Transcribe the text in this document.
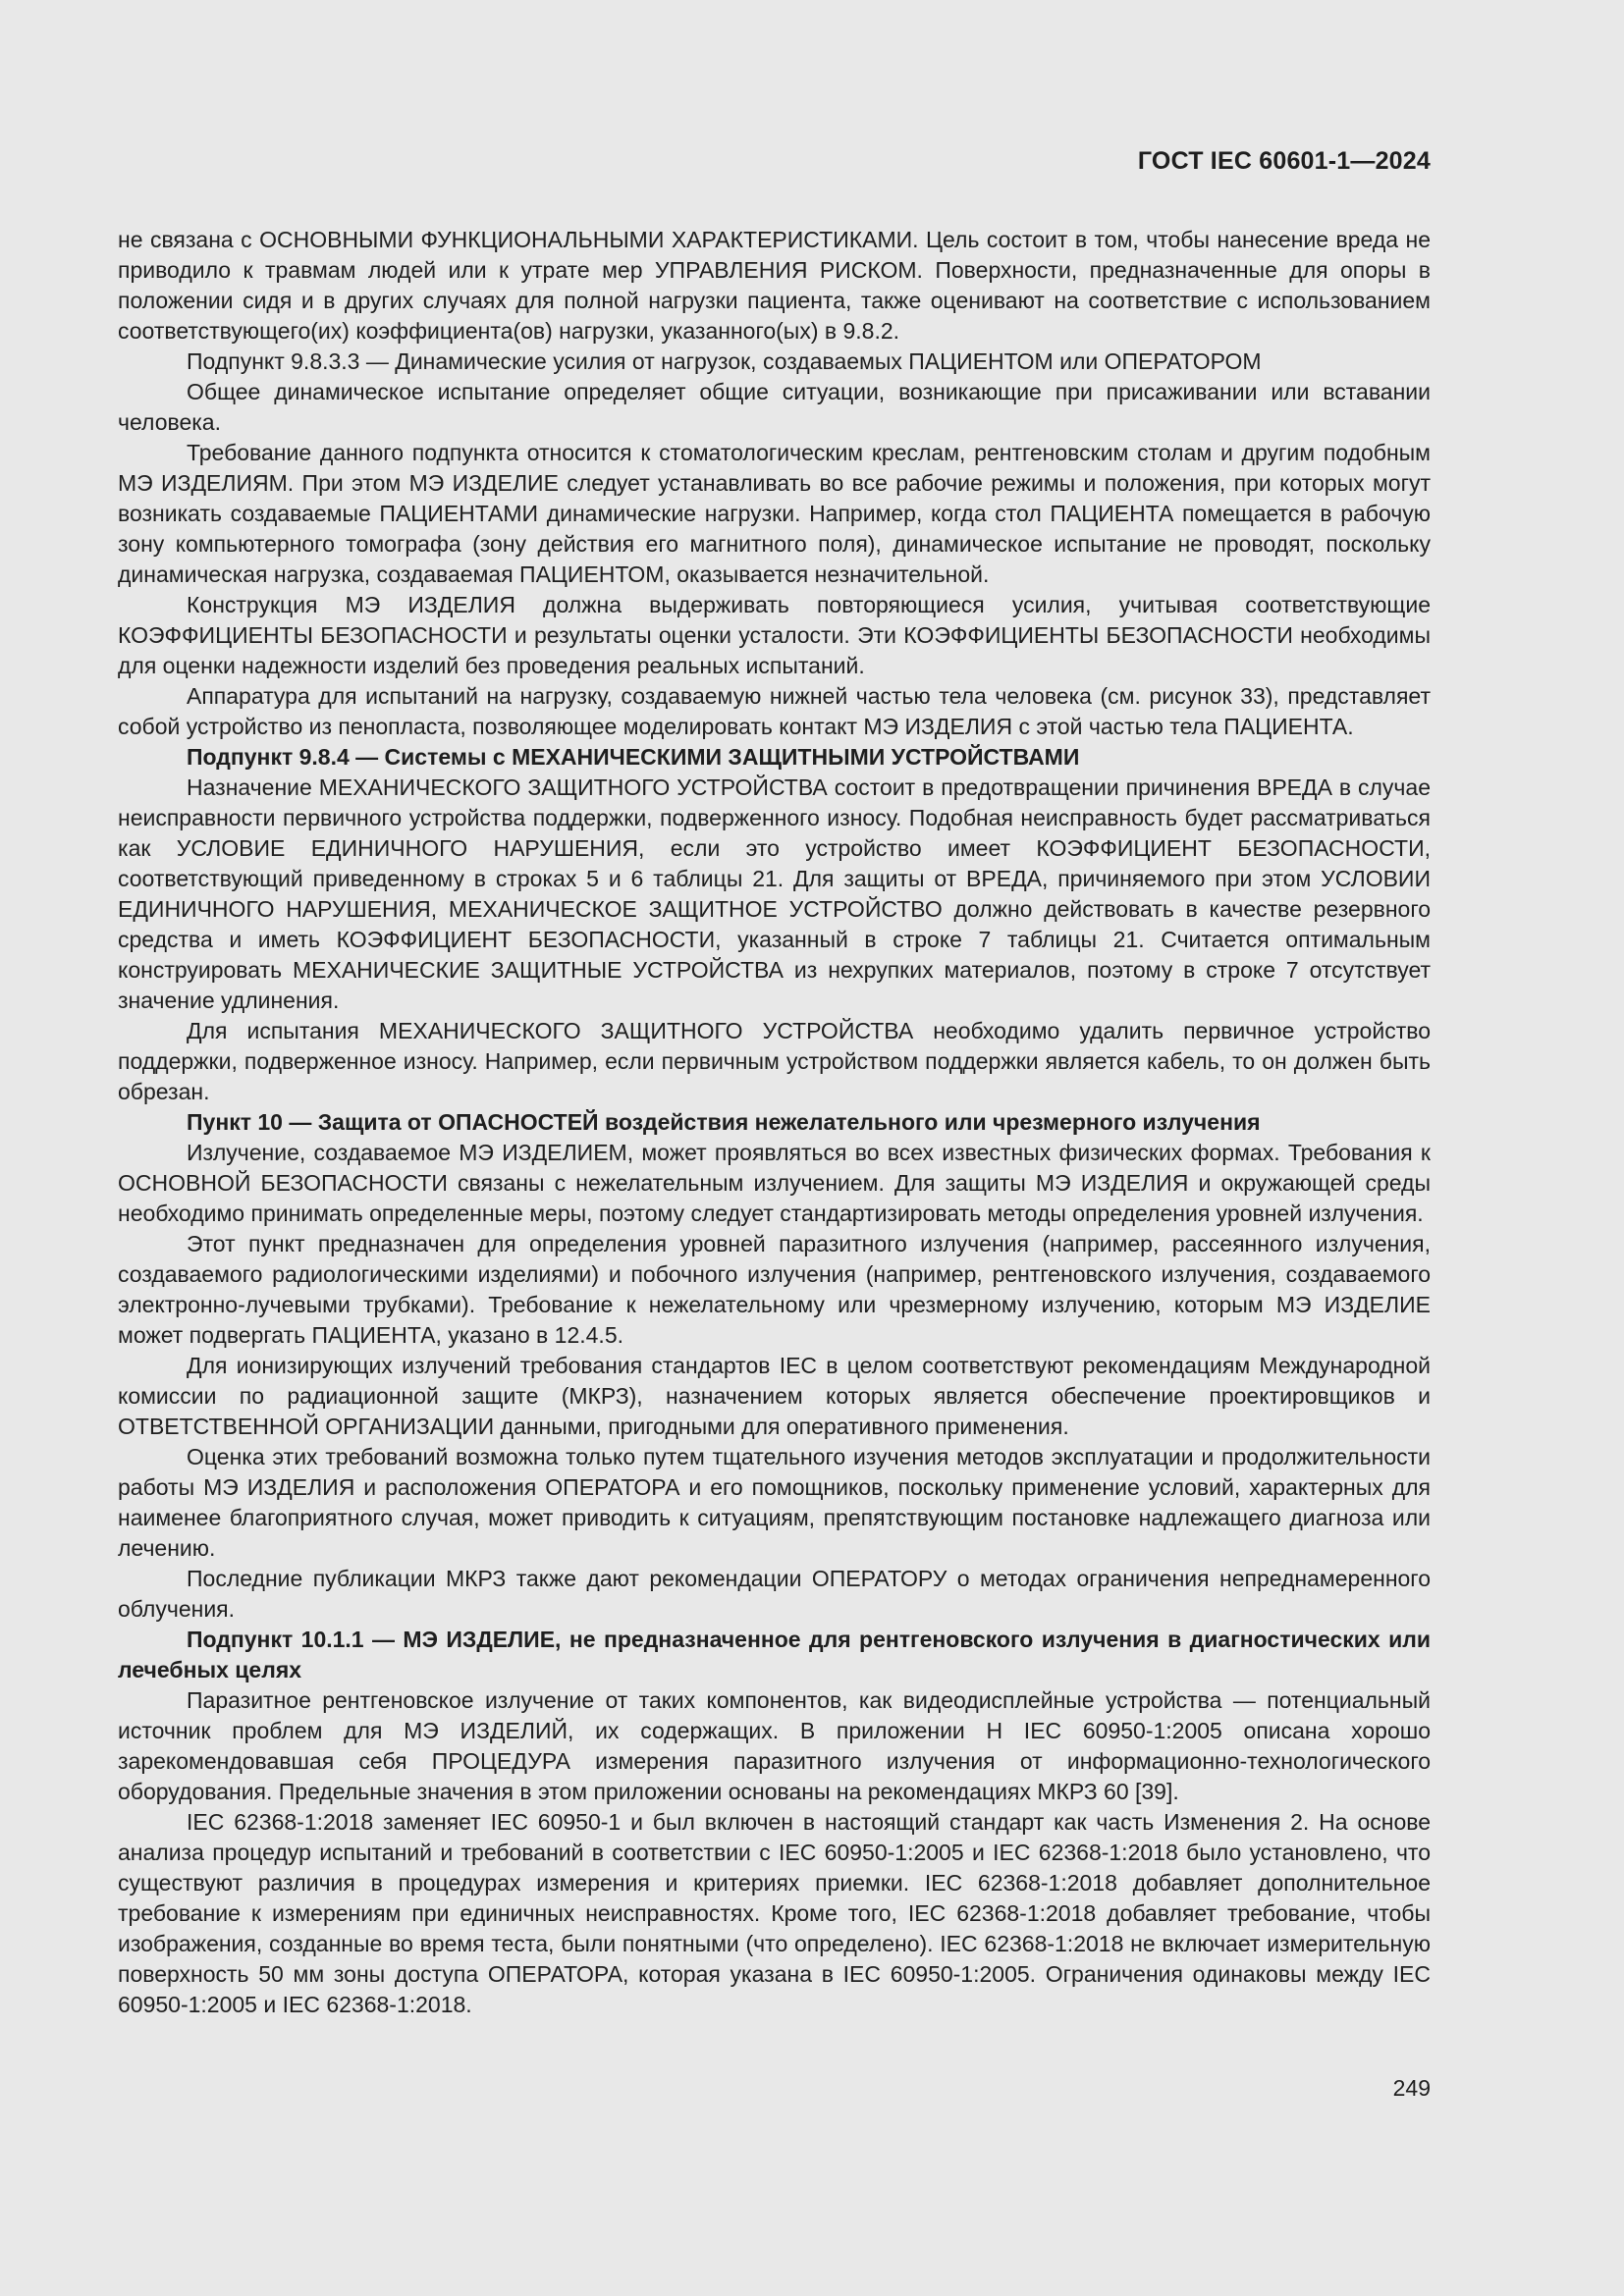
ГОСТ IEC 60601-1—2024

не связана с ОСНОВНЫМИ ФУНКЦИОНАЛЬНЫМИ ХАРАКТЕРИСТИКАМИ. Цель состоит в том, чтобы нанесение вреда не приводило к травмам людей или к утрате мер УПРАВЛЕНИЯ РИСКОМ. Поверхности, предназначенные для опоры в положении сидя и в других случаях для полной нагрузки пациента, также оценивают на соответствие с использованием соответствующего(их) коэффициента(ов) нагрузки, указанного(ых) в 9.8.2.

Подпункт 9.8.3.3 — Динамические усилия от нагрузок, создаваемых ПАЦИЕНТОМ или ОПЕРАТОРОМ

Общее динамическое испытание определяет общие ситуации, возникающие при присаживании или вставании человека.

Требование данного подпункта относится к стоматологическим креслам, рентгеновским столам и другим подобным МЭ ИЗДЕЛИЯМ. При этом МЭ ИЗДЕЛИЕ следует устанавливать во все рабочие режимы и положения, при которых могут возникать создаваемые ПАЦИЕНТАМИ динамические нагрузки. Например, когда стол ПАЦИЕНТА помещается в рабочую зону компьютерного томографа (зону действия его магнитного поля), динамическое испытание не проводят, поскольку динамическая нагрузка, создаваемая ПАЦИЕНТОМ, оказывается незначительной.

Конструкция МЭ ИЗДЕЛИЯ должна выдерживать повторяющиеся усилия, учитывая соответствующие КОЭФФИЦИЕНТЫ БЕЗОПАСНОСТИ и результаты оценки усталости. Эти КОЭФФИЦИЕНТЫ БЕЗОПАСНОСТИ необходимы для оценки надежности изделий без проведения реальных испытаний.

Аппаратура для испытаний на нагрузку, создаваемую нижней частью тела человека (см. рисунок 33), представляет собой устройство из пенопласта, позволяющее моделировать контакт МЭ ИЗДЕЛИЯ с этой частью тела ПАЦИЕНТА.

Подпункт 9.8.4 — Системы с МЕХАНИЧЕСКИМИ ЗАЩИТНЫМИ УСТРОЙСТВАМИ

Назначение МЕХАНИЧЕСКОГО ЗАЩИТНОГО УСТРОЙСТВА состоит в предотвращении причинения ВРЕДА в случае неисправности первичного устройства поддержки, подверженного износу. Подобная неисправность будет рассматриваться как УСЛОВИЕ ЕДИНИЧНОГО НАРУШЕНИЯ, если это устройство имеет КОЭФФИЦИЕНТ БЕЗОПАСНОСТИ, соответствующий приведенному в строках 5 и 6 таблицы 21. Для защиты от ВРЕДА, причиняемого при этом УСЛОВИИ ЕДИНИЧНОГО НАРУШЕНИЯ, МЕХАНИЧЕСКОЕ ЗАЩИТНОЕ УСТРОЙСТВО должно действовать в качестве резервного средства и иметь КОЭФФИЦИЕНТ БЕЗОПАСНОСТИ, указанный в строке 7 таблицы 21. Считается оптимальным конструировать МЕХАНИЧЕСКИЕ ЗАЩИТНЫЕ УСТРОЙСТВА из нехрупких материалов, поэтому в строке 7 отсутствует значение удлинения.

Для испытания МЕХАНИЧЕСКОГО ЗАЩИТНОГО УСТРОЙСТВА необходимо удалить первичное устройство поддержки, подверженное износу. Например, если первичным устройством поддержки является кабель, то он должен быть обрезан.

Пункт 10 — Защита от ОПАСНОСТЕЙ воздействия нежелательного или чрезмерного излучения

Излучение, создаваемое МЭ ИЗДЕЛИЕМ, может проявляться во всех известных физических формах. Требования к ОСНОВНОЙ БЕЗОПАСНОСТИ связаны с нежелательным излучением. Для защиты МЭ ИЗДЕЛИЯ и окружающей среды необходимо принимать определенные меры, поэтому следует стандартизировать методы определения уровней излучения.

Этот пункт предназначен для определения уровней паразитного излучения (например, рассеянного излучения, создаваемого радиологическими изделиями) и побочного излучения (например, рентгеновского излучения, создаваемого электронно-лучевыми трубками). Требование к нежелательному или чрезмерному излучению, которым МЭ ИЗДЕЛИЕ может подвергать ПАЦИЕНТА, указано в 12.4.5.

Для ионизирующих излучений требования стандартов IEC в целом соответствуют рекомендациям Международной комиссии по радиационной защите (МКРЗ), назначением которых является обеспечение проектировщиков и ОТВЕТСТВЕННОЙ ОРГАНИЗАЦИИ данными, пригодными для оперативного применения.

Оценка этих требований возможна только путем тщательного изучения методов эксплуатации и продолжительности работы МЭ ИЗДЕЛИЯ и расположения ОПЕРАТОРА и его помощников, поскольку применение условий, характерных для наименее благоприятного случая, может приводить к ситуациям, препятствующим постановке надлежащего диагноза или лечению.

Последние публикации МКРЗ также дают рекомендации ОПЕРАТОРУ о методах ограничения непреднамеренного облучения.

Подпункт 10.1.1 — МЭ ИЗДЕЛИЕ, не предназначенное для рентгеновского излучения в диагностических или лечебных целях

Паразитное рентгеновское излучение от таких компонентов, как видеодисплейные устройства — потенциальный источник проблем для МЭ ИЗДЕЛИЙ, их содержащих. В приложении Н IEC 60950-1:2005 описана хорошо зарекомендовавшая себя ПРОЦЕДУРА измерения паразитного излучения от информационно-технологического оборудования. Предельные значения в этом приложении основаны на рекомендациях МКРЗ 60 [39].

IEC 62368-1:2018 заменяет IEC 60950-1 и был включен в настоящий стандарт как часть Изменения 2. На основе анализа процедур испытаний и требований в соответствии с IEC 60950-1:2005 и IEC 62368-1:2018 было установлено, что существуют различия в процедурах измерения и критериях приемки. IEC 62368-1:2018 добавляет дополнительное требование к измерениям при единичных неисправностях. Кроме того, IEC 62368-1:2018 добавляет требование, чтобы изображения, созданные во время теста, были понятными (что определено). IEC 62368-1:2018 не включает измерительную поверхность 50 мм зоны доступа ОПЕРАТОРА, которая указана в IEC 60950-1:2005. Ограничения одинаковы между IEC 60950-1:2005 и IEC 62368-1:2018.

249
